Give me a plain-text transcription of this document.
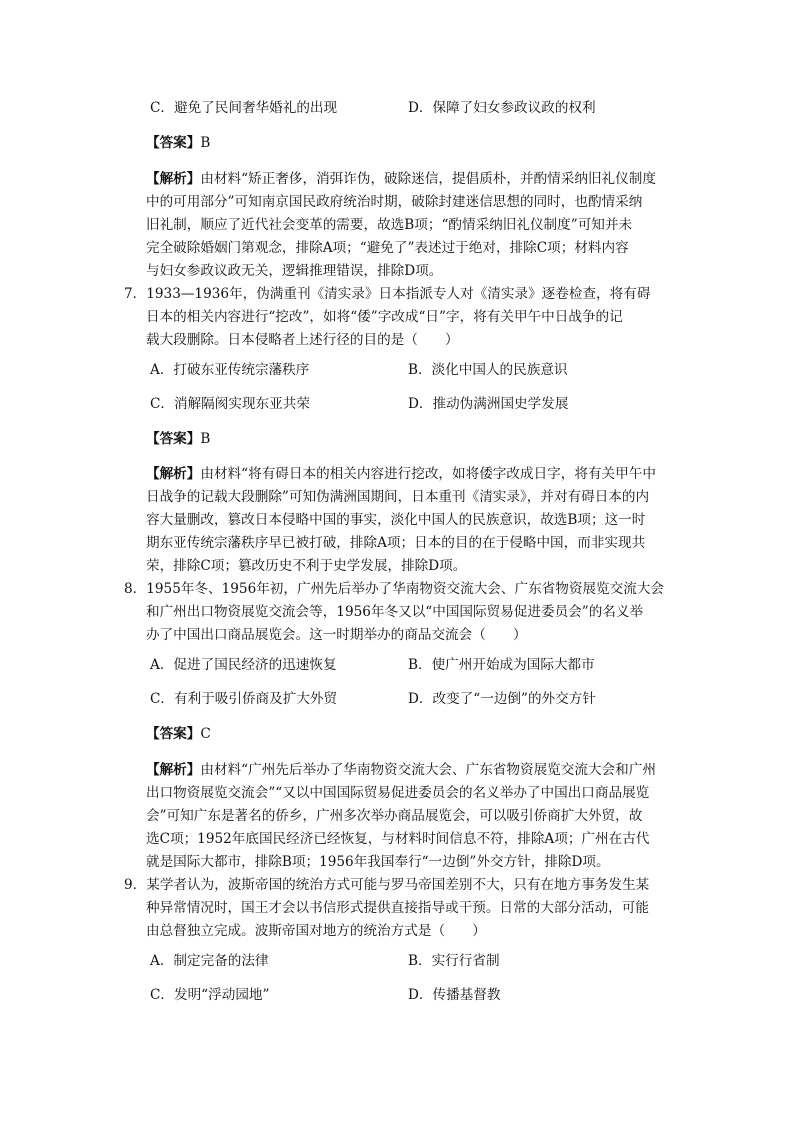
C．避免了民间奢华婚礼的出现	D．保障了妇女参政议政的权利
【答案】B
【解析】由材料“矫正奢侈，消弭诈伪，破除迷信，提倡质朴，并酌情采纳旧礼仪制度
中的可用部分”可知南京国民政府统治时期，破除封建迷信思想的同时，也酌情采纳
旧礼制，顺应了近代社会变革的需要，故选B项；“酌情采纳旧礼仪制度”可知并未
完全破除婚姻门第观念，排除A项；“避免了”表述过于绝对，排除C项；材料内容
与妇女参政议政无关，逻辑推理错误，排除D项。
7．1933—1936年，伪满重刊《清实录》日本指派专人对《清实录》逐卷检查，将有碍
日本的相关内容进行“挖改”，如将“倭”字改成“日”字，将有关甲午中日战争的记
载大段删除。日本侵略者上述行径的目的是（　　）
A．打破东亚传统宗藩秩序	B．淡化中国人的民族意识
C．消解隔阂实现东亚共荣	D．推动伪满洲国史学发展
【答案】B
【解析】由材料“将有碍日本的相关内容进行挖改，如将倭字改成日字，将有关甲午中
日战争的记载大段删除”可知伪满洲国期间，日本重刊《清实录》，并对有碍日本的内
容大量删改，篡改日本侵略中国的事实，淡化中国人的民族意识，故选B项；这一时
期东亚传统宗藩秩序早已被打破，排除A项；日本的目的在于侵略中国，而非实现共
荣，排除C项；篡改历史不利于史学发展，排除D项。
8．1955年冬、1956年初，广州先后举办了华南物资交流大会、广东省物资展览交流大会
和广州出口物资展览交流会等，1956年冬又以“中国国际贸易促进委员会”的名义举
办了中国出口商品展览会。这一时期举办的商品交流会（　　）
A．促进了国民经济的迅速恢复	B．使广州开始成为国际大都市
C．有利于吸引侨商及扩大外贸	D．改变了“一边倒”的外交方针
【答案】C
【解析】由材料“广州先后举办了华南物资交流大会、广东省物资展览交流大会和广州
出口物资展览交流会”“又以中国国际贸易促进委员会的名义举办了中国出口商品展览
会”可知广东是著名的侨乡，广州多次举办商品展览会，可以吸引侨商扩大外贸，故
选C项；1952年底国民经济已经恢复，与材料时间信息不符，排除A项；广州在古代
就是国际大都市，排除B项；1956年我国奉行“一边倒”外交方针，排除D项。
9．某学者认为，波斯帝国的统治方式可能与罗马帝国差别不大，只有在地方事务发生某
种异常情况时，国王才会以书信形式提供直接指导或干预。日常的大部分活动，可能
由总督独立完成。波斯帝国对地方的统治方式是（　　）
A．制定完备的法律	B．实行行省制
C．发明“浮动园地”	D．传播基督教
